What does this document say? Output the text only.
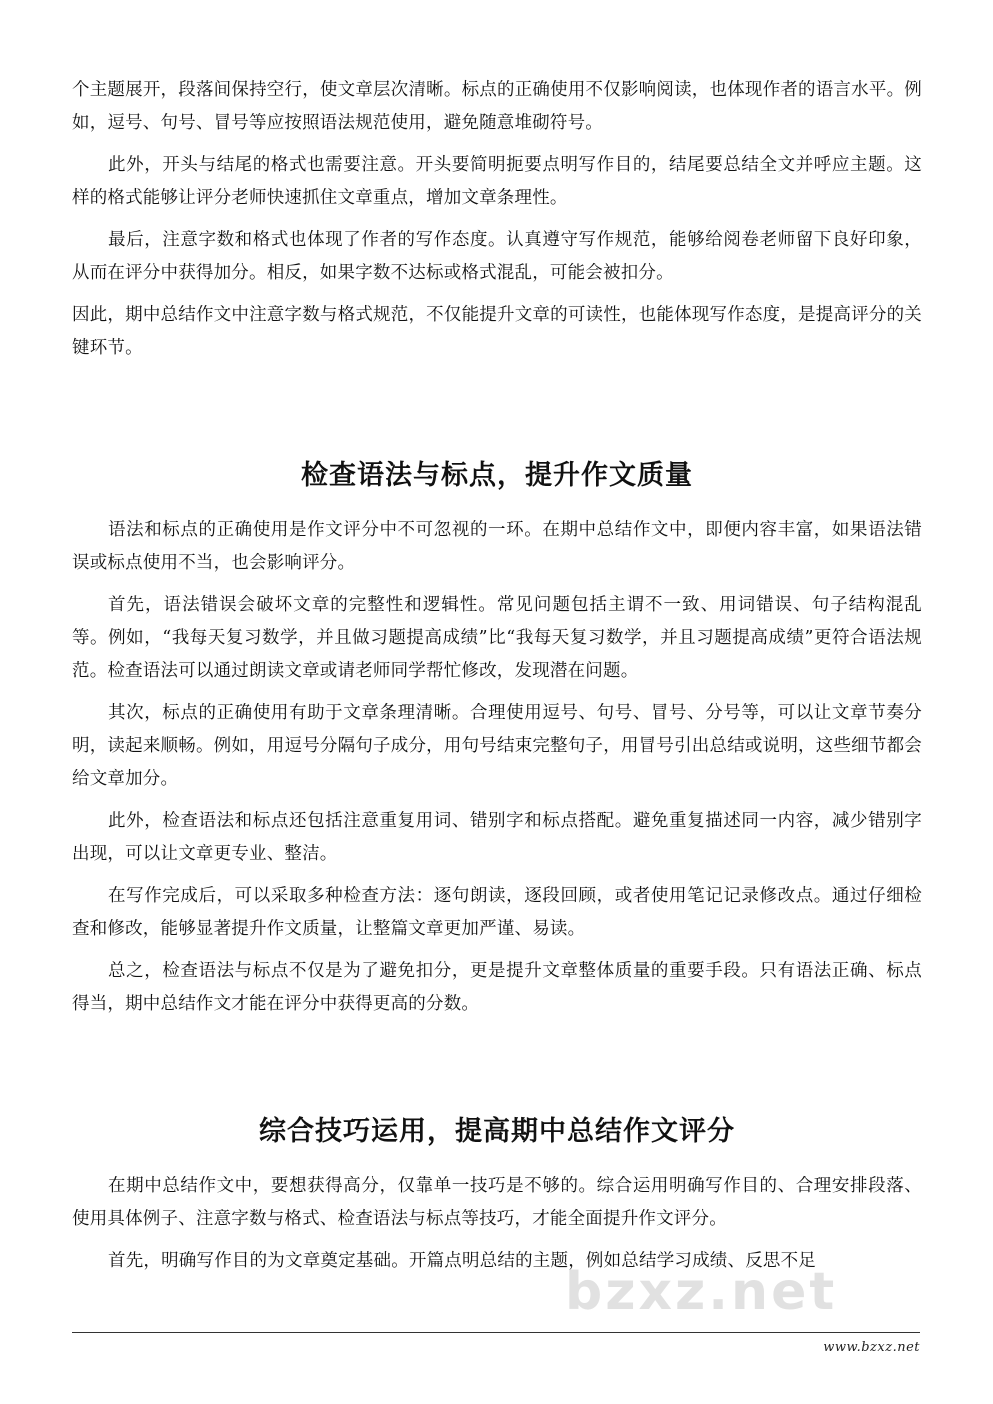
个主题展开，段落间保持空行，使文章层次清晰。标点的正确使用不仅影响阅读，也体现作者的语言水平。例如，逗号、句号、冒号等应按照语法规范使用，避免随意堆砌符号。

此外，开头与结尾的格式也需要注意。开头要简明扼要点明写作目的，结尾要总结全文并呼应主题。这样的格式能够让评分老师快速抓住文章重点，增加文章条理性。

最后，注意字数和格式也体现了作者的写作态度。认真遵守写作规范，能够给阅卷老师留下良好印象，从而在评分中获得加分。相反，如果字数不达标或格式混乱，可能会被扣分。

因此，期中总结作文中注意字数与格式规范，不仅能提升文章的可读性，也能体现写作态度，是提高评分的关键环节。

检查语法与标点，提升作文质量

语法和标点的正确使用是作文评分中不可忽视的一环。在期中总结作文中，即便内容丰富，如果语法错误或标点使用不当，也会影响评分。

首先，语法错误会破坏文章的完整性和逻辑性。常见问题包括主谓不一致、用词错误、句子结构混乱等。例如，“我每天复习数学，并且做习题提高成绩”比“我每天复习数学，并且习题提高成绩”更符合语法规范。检查语法可以通过朗读文章或请老师同学帮忙修改，发现潜在问题。

其次，标点的正确使用有助于文章条理清晰。合理使用逗号、句号、冒号、分号等，可以让文章节奏分明，读起来顺畅。例如，用逗号分隔句子成分，用句号结束完整句子，用冒号引出总结或说明，这些细节都会给文章加分。

此外，检查语法和标点还包括注意重复用词、错别字和标点搭配。避免重复描述同一内容，减少错别字出现，可以让文章更专业、整洁。

在写作完成后，可以采取多种检查方法：逐句朗读，逐段回顾，或者使用笔记记录修改点。通过仔细检查和修改，能够显著提升作文质量，让整篇文章更加严谨、易读。

总之，检查语法与标点不仅是为了避免扣分，更是提升文章整体质量的重要手段。只有语法正确、标点得当，期中总结作文才能在评分中获得更高的分数。

综合技巧运用，提高期中总结作文评分

在期中总结作文中，要想获得高分，仅靠单一技巧是不够的。综合运用明确写作目的、合理安排段落、使用具体例子、注意字数与格式、检查语法与标点等技巧，才能全面提升作文评分。

首先，明确写作目的为文章奠定基础。开篇点明总结的主题，例如总结学习成绩、反思不足

bzxz.net
www.bzxz.net
